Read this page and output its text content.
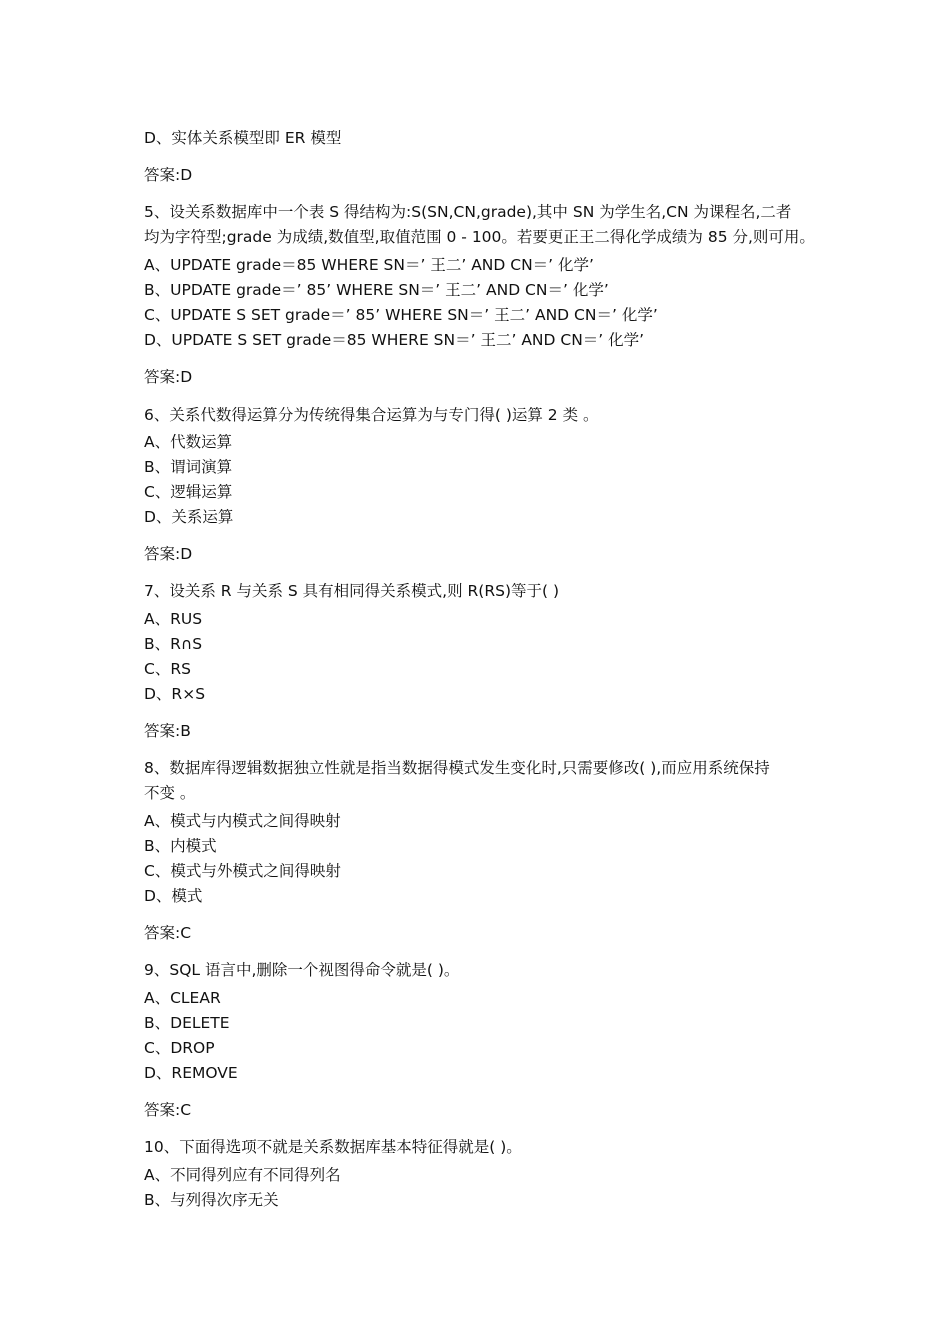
D、实体关系模型即 ER 模型
答案:D
5、设关系数据库中一个表 S 得结构为:S(SN,CN,grade),其中 SN 为学生名,CN 为课程名,二者
均为字符型;grade 为成绩,数值型,取值范围 0 - 100。若要更正王二得化学成绩为 85 分,则可用。
A、UPDATE grade＝85 WHERE SN＝’ 王二’ AND CN＝’ 化学’
B、UPDATE grade＝’ 85’ WHERE SN＝’ 王二’ AND CN＝’ 化学’
C、UPDATE S SET grade＝’ 85’ WHERE SN＝’ 王二’ AND CN＝’ 化学’
D、UPDATE S SET grade＝85 WHERE SN＝’ 王二’ AND CN＝’ 化学’
答案:D
6、关系代数得运算分为传统得集合运算为与专门得( )运算 2 类 。
A、代数运算
B、谓词演算
C、逻辑运算
D、关系运算
答案:D
7、设关系 R 与关系 S 具有相同得关系模式,则 R(RS)等于( )
A、RUS
B、R∩S
C、RS
D、R×S
答案:B
8、数据库得逻辑数据独立性就是指当数据得模式发生变化时,只需要修改( ),而应用系统保持
不变 。
A、模式与内模式之间得映射
B、内模式
C、模式与外模式之间得映射
D、模式
答案:C
9、SQL 语言中,删除一个视图得命令就是( )。
A、CLEAR
B、DELETE
C、DROP
D、REMOVE
答案:C
10、下面得选项不就是关系数据库基本特征得就是( )。
A、不同得列应有不同得列名
B、与列得次序无关
